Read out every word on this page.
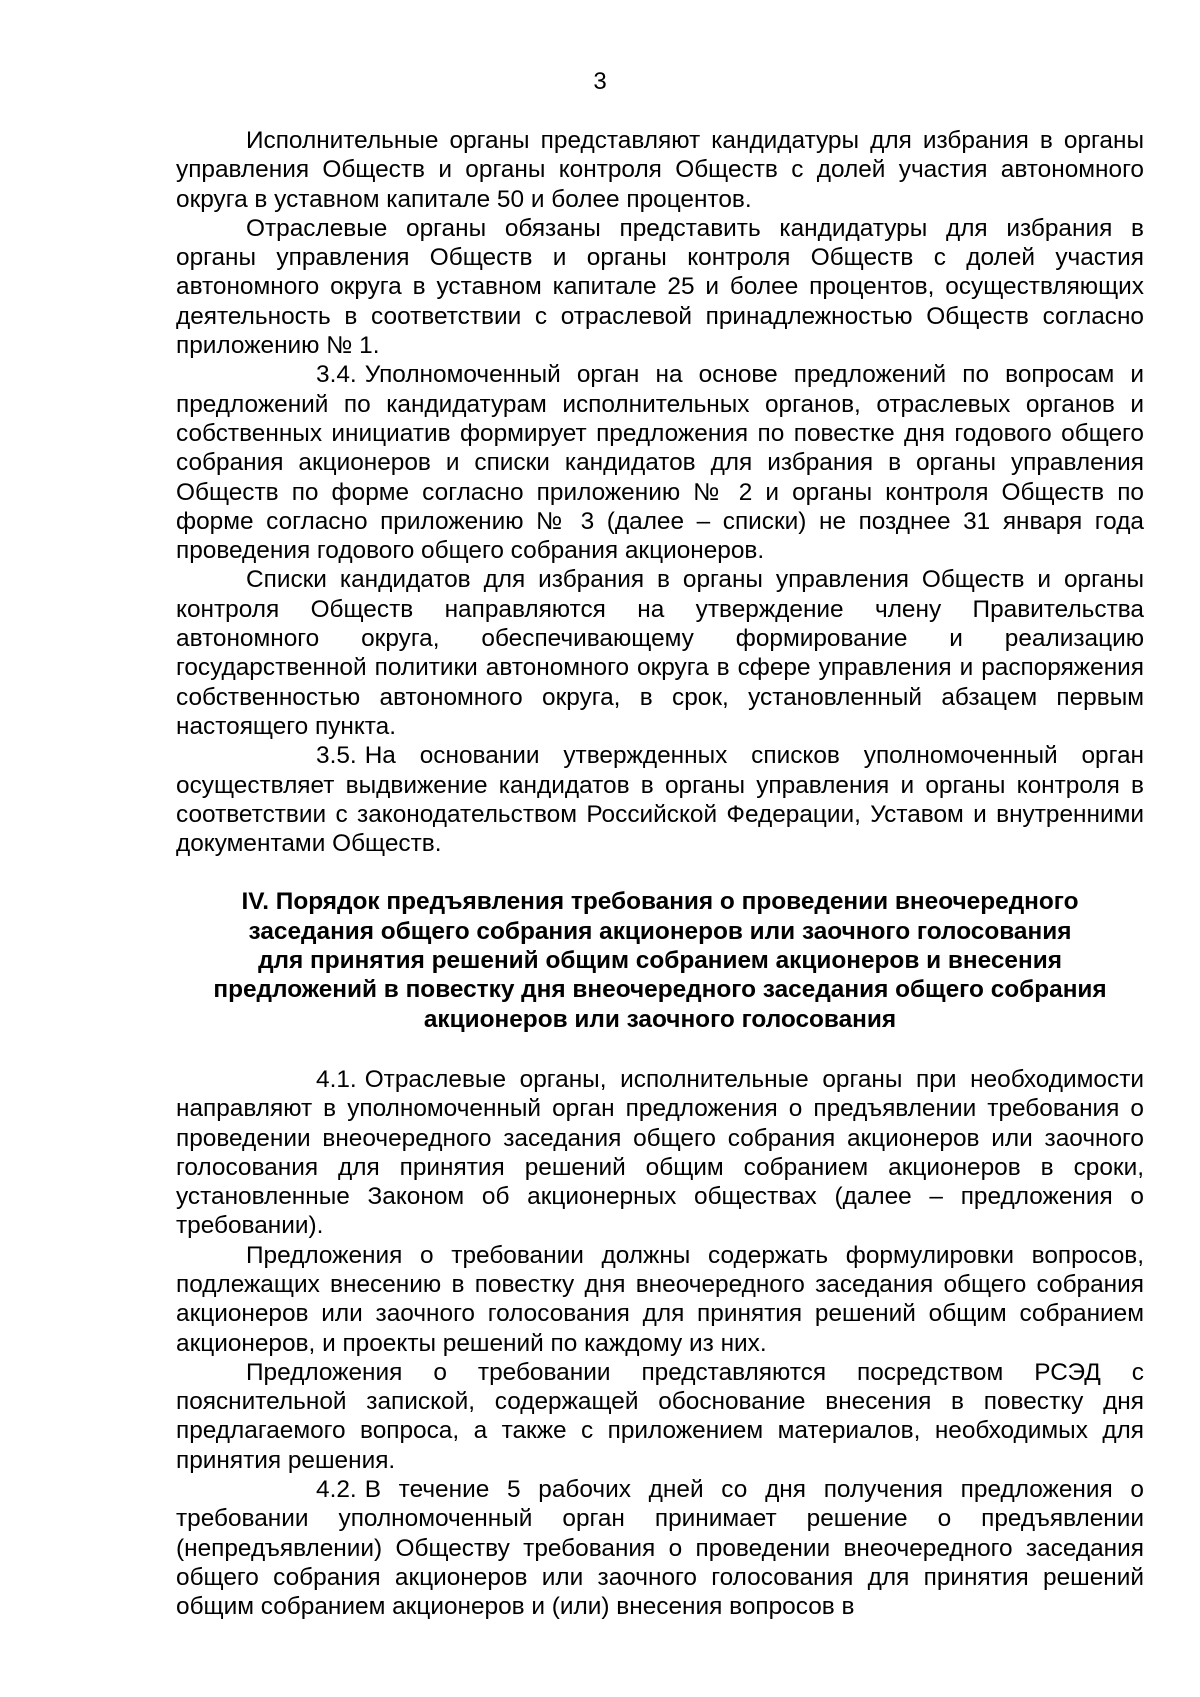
3

Исполнительные органы представляют кандидатуры для избрания в органы управления Обществ и органы контроля Обществ с долей участия автономного округа в уставном капитале 50 и более процентов.

Отраслевые органы обязаны представить кандидатуры для избрания в органы управления Обществ и органы контроля Обществ с долей участия автономного округа в уставном капитале 25 и более процентов, осуществляющих деятельность в соответствии с отраслевой принадлежностью Обществ согласно приложению № 1.

3.4. Уполномоченный орган на основе предложений по вопросам и предложений по кандидатурам исполнительных органов, отраслевых органов и собственных инициатив формирует предложения по повестке дня годового общего собрания акционеров и списки кандидатов для избрания в органы управления Обществ по форме согласно приложению № 2 и органы контроля Обществ по форме согласно приложению № 3 (далее – списки) не позднее 31 января года проведения годового общего собрания акционеров.

Списки кандидатов для избрания в органы управления Обществ и органы контроля Обществ направляются на утверждение члену Правительства автономного округа, обеспечивающему формирование и реализацию государственной политики автономного округа в сфере управления и распоряжения собственностью автономного округа, в срок, установленный абзацем первым настоящего пункта.

3.5. На основании утвержденных списков уполномоченный орган осуществляет выдвижение кандидатов в органы управления и органы контроля в соответствии с законодательством Российской Федерации, Уставом и внутренними документами Обществ.

IV. Порядок предъявления требования о проведении внеочередного

заседания общего собрания акционеров или заочного голосования

для принятия решений общим собранием акционеров и внесения

предложений в повестку дня внеочередного заседания общего собрания

акционеров или заочного голосования

4.1. Отраслевые органы, исполнительные органы при необходимости направляют в уполномоченный орган предложения о предъявлении требования о проведении внеочередного заседания общего собрания акционеров или заочного голосования для принятия решений общим собранием акционеров в сроки, установленные Законом об акционерных обществах (далее – предложения о требовании).

Предложения о требовании должны содержать формулировки вопросов, подлежащих внесению в повестку дня внеочередного заседания общего собрания акционеров или заочного голосования для принятия решений общим собранием акционеров, и проекты решений по каждому из них.

Предложения о требовании представляются посредством РСЭД с пояснительной запиской, содержащей обоснование внесения в повестку дня предлагаемого вопроса, а также с приложением материалов, необходимых для принятия решения.

4.2. В течение 5 рабочих дней со дня получения предложения о требовании уполномоченный орган принимает решение о предъявлении (непредъявлении) Обществу требования о проведении внеочередного заседания общего собрания акционеров или заочного голосования для принятия решений общим собранием акционеров и (или) внесения вопросов в
